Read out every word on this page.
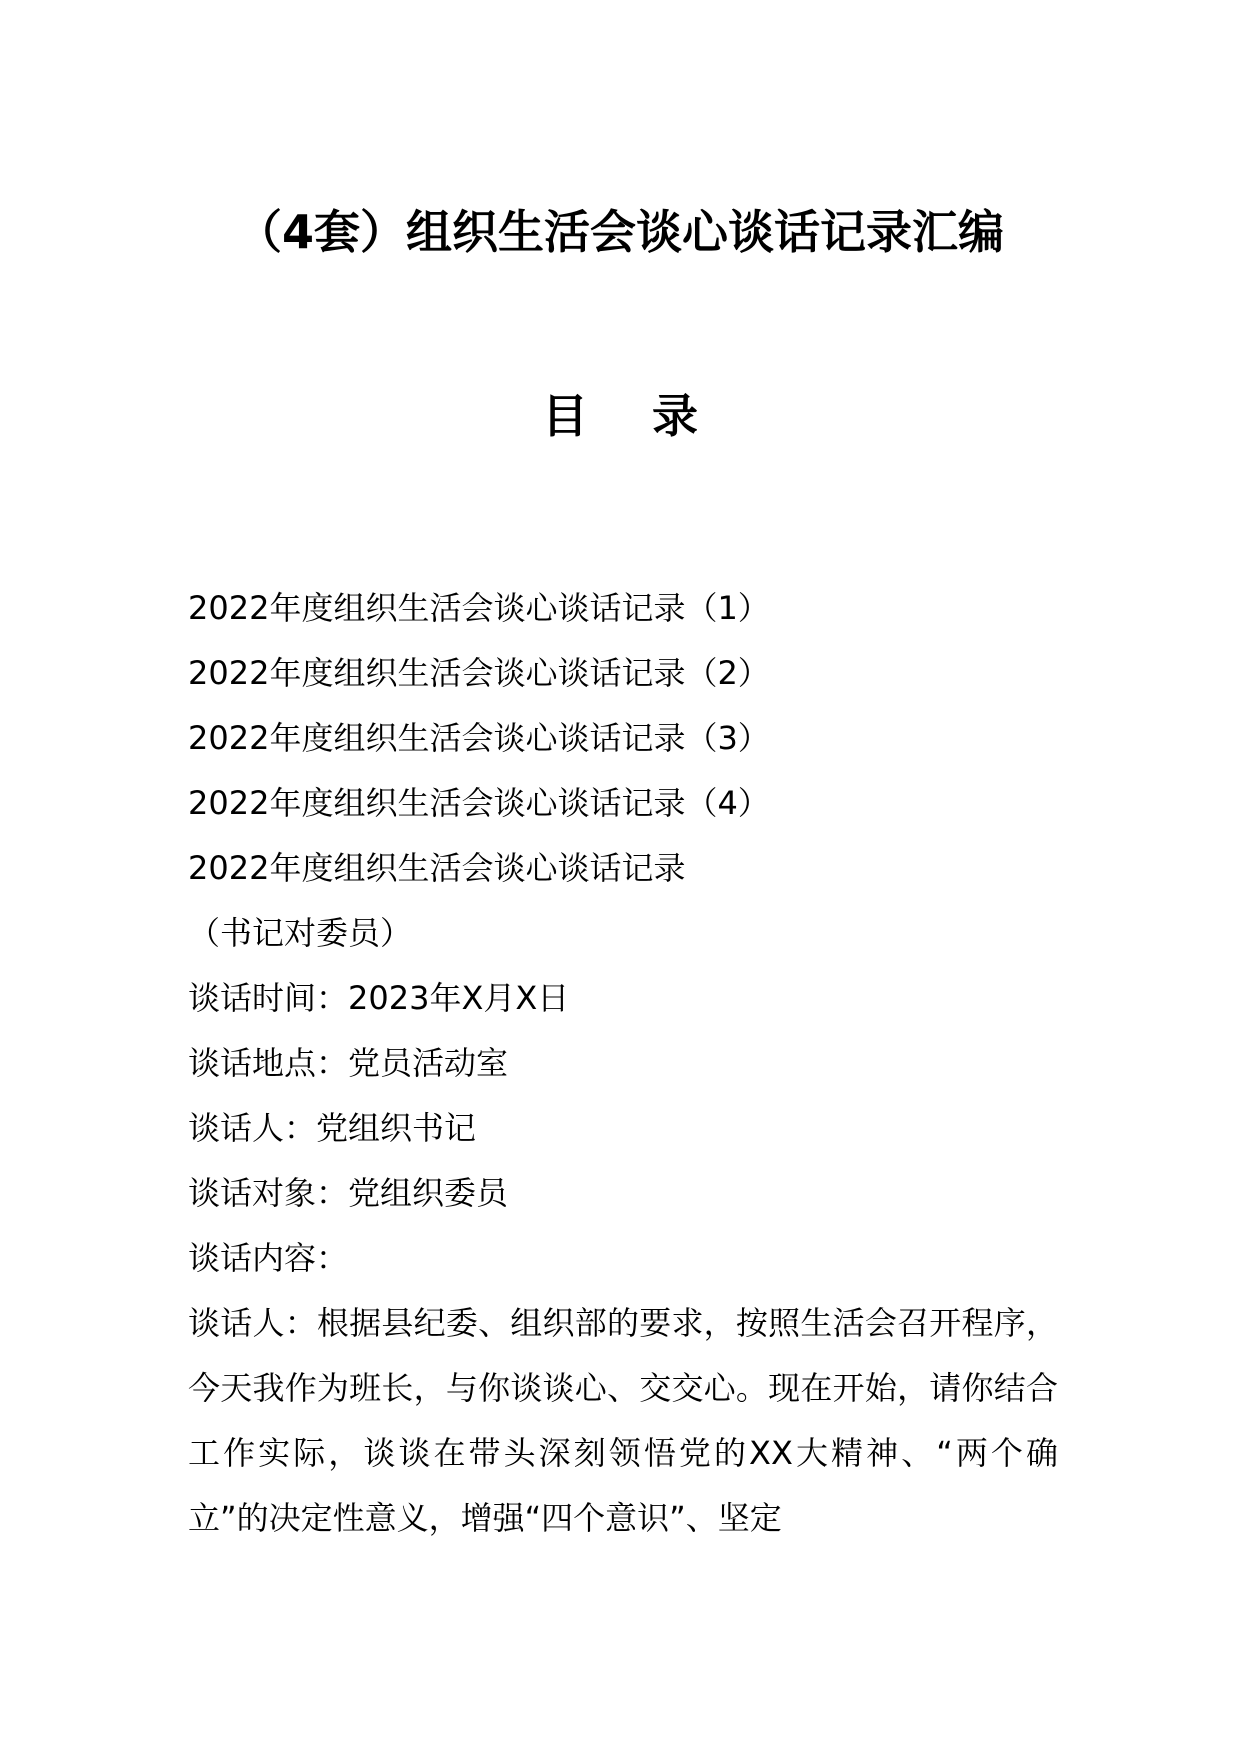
（4套）组织生活会谈心谈话记录汇编
目 录

2022年度组织生活会谈心谈话记录（1）

2022年度组织生活会谈心谈话记录（2）

2022年度组织生活会谈心谈话记录（3）

2022年度组织生活会谈心谈话记录（4）

2022年度组织生活会谈心谈话记录

（书记对委员）

谈话时间：2023年X月X日

谈话地点：党员活动室

谈话人：党组织书记

谈话对象：党组织委员

谈话内容：

谈话人：根据县纪委、组织部的要求，按照生活会召开程序，今天我作为班长，与你谈谈心、交交心。现在开始，请你结合工作实际，谈谈在带头深刻领悟党的XX大精神、“两个确立”的决定性意义，增强“四个意识”、坚定
